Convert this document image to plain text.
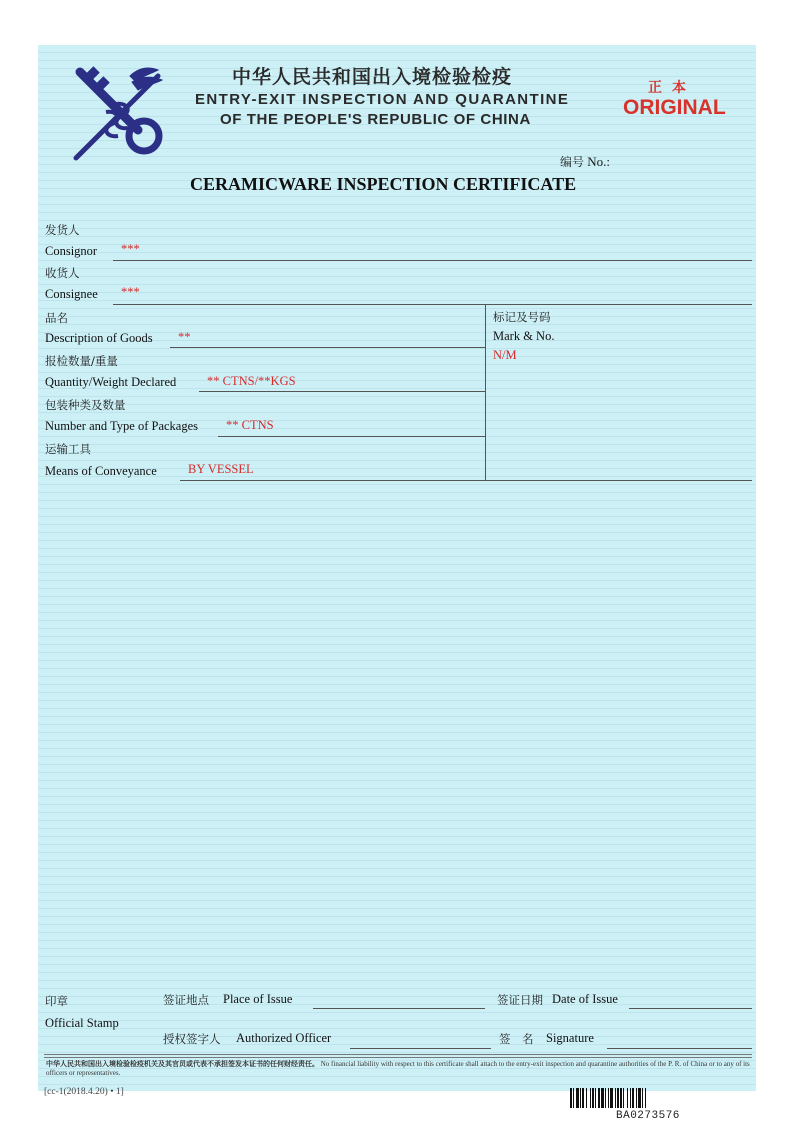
中华人民共和国出入境检验检疫
ENTRY-EXIT INSPECTION AND QUARANTINE
OF THE PEOPLE'S REPUBLIC OF CHINA
正本
ORIGINAL
编号 No.:
CERAMICWARE INSPECTION CERTIFICATE
发货人
Consignor ***
收货人
Consignee ***
品名
Description of Goods **
报检数量/重量
Quantity/Weight Declared ** CTNS/**KGS
包装种类及数量
Number and Type of Packages ** CTNS
运输工具
Means of Conveyance BY VESSEL
标记及号码
Mark & No.
N/M
印章
Official Stamp
签证地点 Place of Issue	签证日期 Date of Issue
授权签字人 Authorized Officer	签　名 Signature
中华人民共和国出入境检验检疫机关及其官员或代表不承担签发本证书的任何财经责任。 No financial liability with respect to this certificate shall attach to the entry-exit inspection and quarantine authorities of the P. R. of China or to any of its officers or representatives.
[cc-1(2018.4.20) • 1]
BA0273576
